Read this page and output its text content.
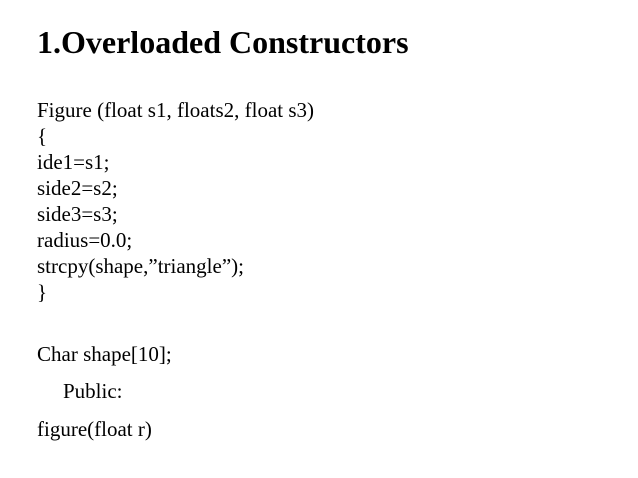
1.Overloaded Constructors
Figure (float s1, floats2, float s3)
{
ide1=s1;
side2=s2;
side3=s3;
radius=0.0;
strcpy(shape,”triangle”);
}
Char shape[10];
Public:
figure(float r)
